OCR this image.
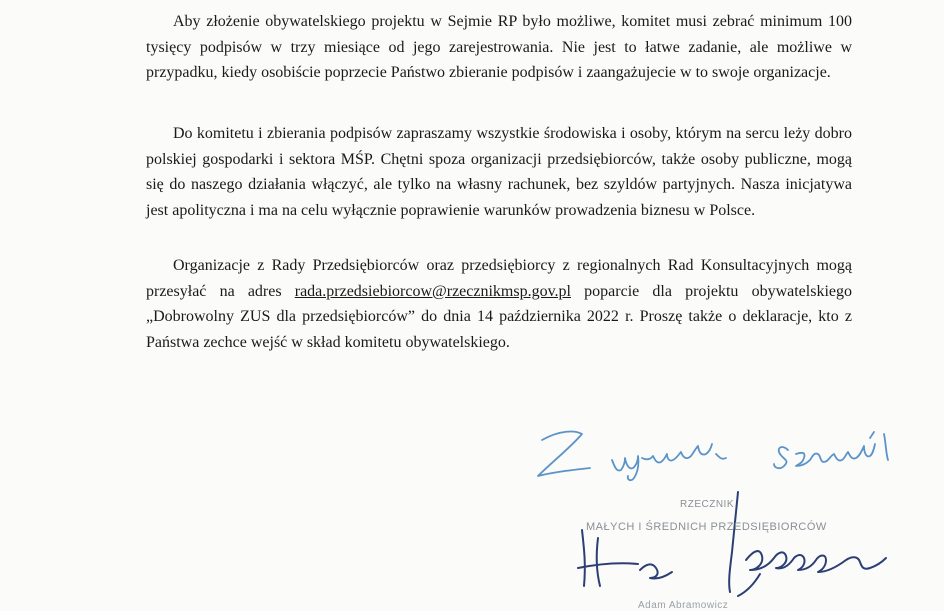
Aby złożenie obywatelskiego projektu w Sejmie RP było możliwe, komitet musi zebrać minimum 100 tysięcy podpisów w trzy miesiące od jego zarejestrowania. Nie jest to łatwe zadanie, ale możliwe w przypadku, kiedy osobiście poprzecie Państwo zbieranie podpisów i zaangażujecie w to swoje organizacje.

Do komitetu i zbierania podpisów zapraszamy wszystkie środowiska i osoby, którym na sercu leży dobro polskiej gospodarki i sektora MŚP. Chętni spoza organizacji przedsiębiorców, także osoby publiczne, mogą się do naszego działania włączyć, ale tylko na własny rachunek, bez szyldów partyjnych. Nasza inicjatywa jest apolityczna i ma na celu wyłącznie poprawienie warunków prowadzenia biznesu w Polsce.

Organizacje z Rady Przedsiębiorców oraz przedsiębiorcy z regionalnych Rad Konsultacyjnych mogą przesyłać na adres rada.przedsiebiorcow@rzecznikmsp.gov.pl poparcie dla projektu obywatelskiego „Dobrowolny ZUS dla przedsiębiorców” do dnia 14 października 2022 r. Proszę także o deklaracje, kto z Państwa zechce wejść w skład komitetu obywatelskiego.

RZECZNIK
MAŁYCH I ŚREDNICH PRZEDSIĘBIORCÓW
Adam Abramowicz
